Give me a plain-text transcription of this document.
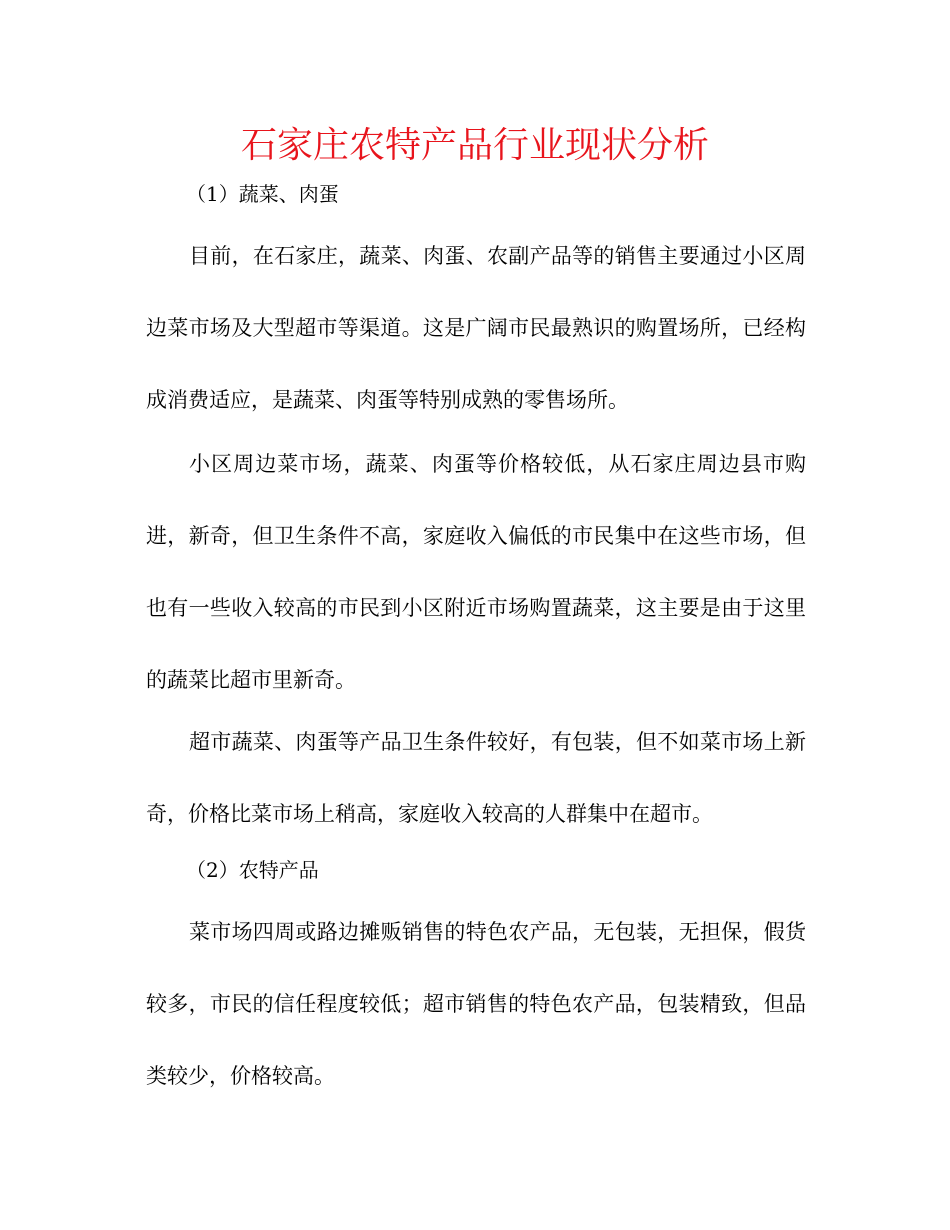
石家庄农特产品行业现状分析

（1）蔬菜、肉蛋

目前，在石家庄，蔬菜、肉蛋、农副产品等的销售主要通过小区周边菜市场及大型超市等渠道。这是广阔市民最熟识的购置场所，已经构成消费适应，是蔬菜、肉蛋等特别成熟的零售场所。

小区周边菜市场，蔬菜、肉蛋等价格较低，从石家庄周边县市购进，新奇，但卫生条件不高，家庭收入偏低的市民集中在这些市场，但也有一些收入较高的市民到小区附近市场购置蔬菜，这主要是由于这里的蔬菜比超市里新奇。

超市蔬菜、肉蛋等产品卫生条件较好，有包装，但不如菜市场上新奇，价格比菜市场上稍高，家庭收入较高的人群集中在超市。

（2）农特产品

菜市场四周或路边摊贩销售的特色农产品，无包装，无担保，假货较多，市民的信任程度较低；超市销售的特色农产品，包装精致，但品类较少，价格较高。
